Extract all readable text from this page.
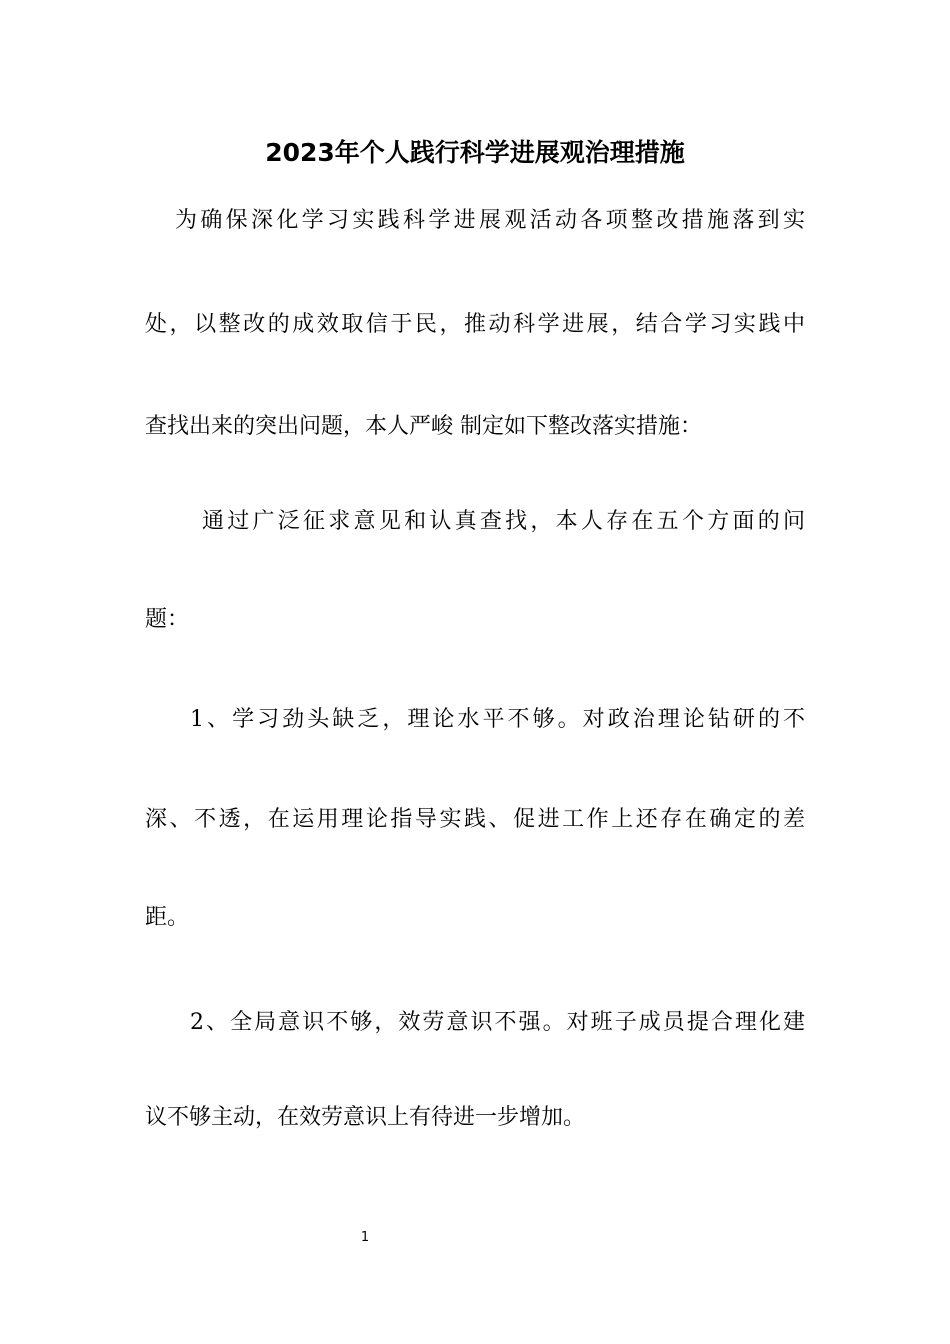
2023年个人践行科学进展观治理措施
为确保深化学习实践科学进展观活动各项整改措施落到实
处，以整改的成效取信于民，推动科学进展，结合学习实践中
查找出来的突出问题，本人严峻 制定如下整改落实措施：
通过广泛征求意见和认真查找，本人存在五个方面的问
题：
1、学习劲头缺乏，理论水平不够。对政治理论钻研的不
深、不透，在运用理论指导实践、促进工作上还存在确定的差
距。
2、全局意识不够，效劳意识不强。对班子成员提合理化建
议不够主动，在效劳意识上有待进一步增加。
1
